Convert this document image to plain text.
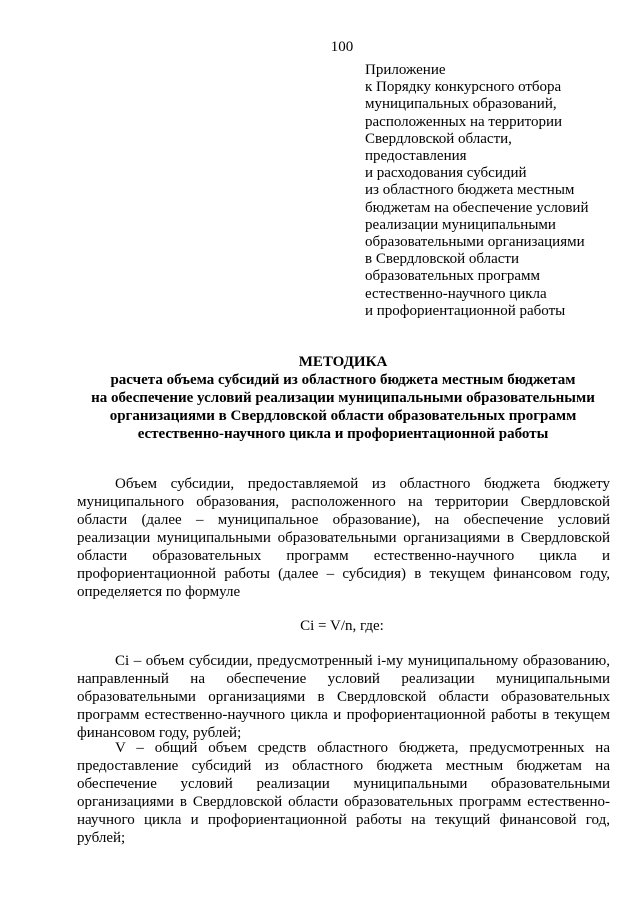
100
Приложение
к Порядку конкурсного отбора
муниципальных образований,
расположенных на территории
Свердловской области,
предоставления
и расходования субсидий
из областного бюджета местным
бюджетам на обеспечение условий
реализации муниципальными
образовательными организациями
в Свердловской области
образовательных программ
естественно-научного цикла
и профориентационной работы
МЕТОДИКА
расчета объема субсидий из областного бюджета местным бюджетам
на обеспечение условий реализации муниципальными образовательными
организациями в Свердловской области образовательных программ
естественно-научного цикла и профориентационной работы
Объем субсидии, предоставляемой из областного бюджета бюджету муниципального образования, расположенного на территории Свердловской области (далее – муниципальное образование), на обеспечение условий реализации муниципальными образовательными организациями в Свердловской области образовательных программ естественно-научного цикла и профориентационной работы (далее – субсидия) в текущем финансовом году, определяется по формуле
Ci = V/n, где:
Ci – объем субсидии, предусмотренный i-му муниципальному образованию, направленный на обеспечение условий реализации муниципальными образовательными организациями в Свердловской области образовательных программ естественно-научного цикла и профориентационной работы в текущем финансовом году, рублей;
V – общий объем средств областного бюджета, предусмотренных на предоставление субсидий из областного бюджета местным бюджетам на обеспечение условий реализации муниципальными образовательными организациями в Свердловской области образовательных программ естественно-научного цикла и профориентационной работы на текущий финансовой год, рублей;
